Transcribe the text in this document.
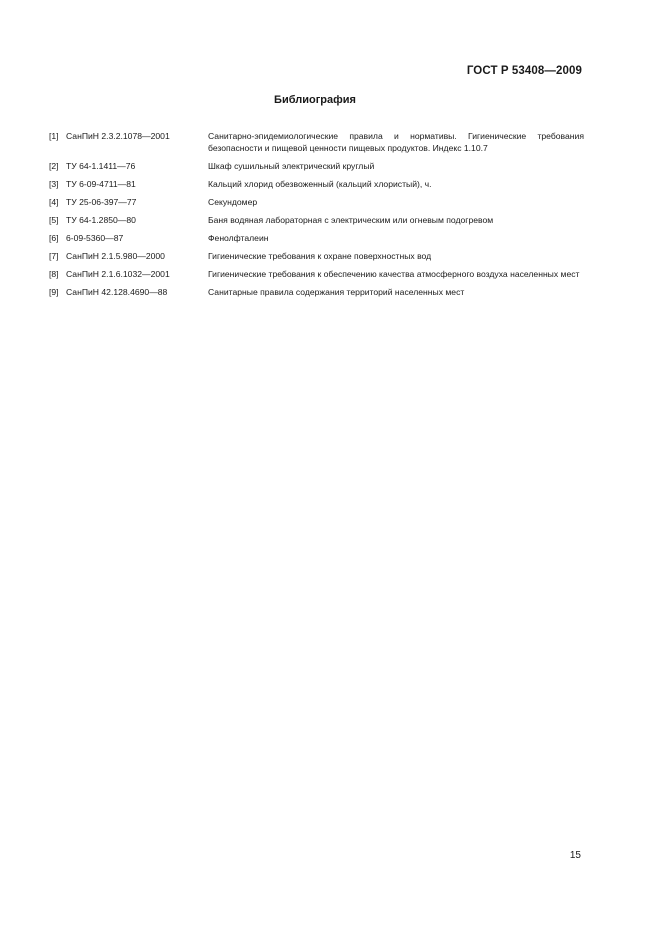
ГОСТ Р 53408—2009
Библиография
[1] СанПиН 2.3.2.1078—2001	Санитарно-эпидемиологические правила и нормативы. Гигиенические требования безопасности и пищевой ценности пищевых продуктов. Индекс 1.10.7
[2] ТУ 64-1.1411—76	Шкаф сушильный электрический круглый
[3] ТУ 6-09-4711—81	Кальций хлорид обезвоженный (кальций хлористый), ч.
[4] ТУ 25-06-397—77	Секундомер
[5] ТУ 64-1.2850—80	Баня водяная лабораторная с электрическим или огневым подогревом
[6] 6-09-5360—87	Фенолфталеин
[7] СанПиН 2.1.5.980—2000	Гигиенические требования к охране поверхностных вод
[8] СанПиН 2.1.6.1032—2001	Гигиенические требования к обеспечению качества атмосферного воздуха населенных мест
[9] СанПиН 42.128.4690—88	Санитарные правила содержания территорий населенных мест
15
